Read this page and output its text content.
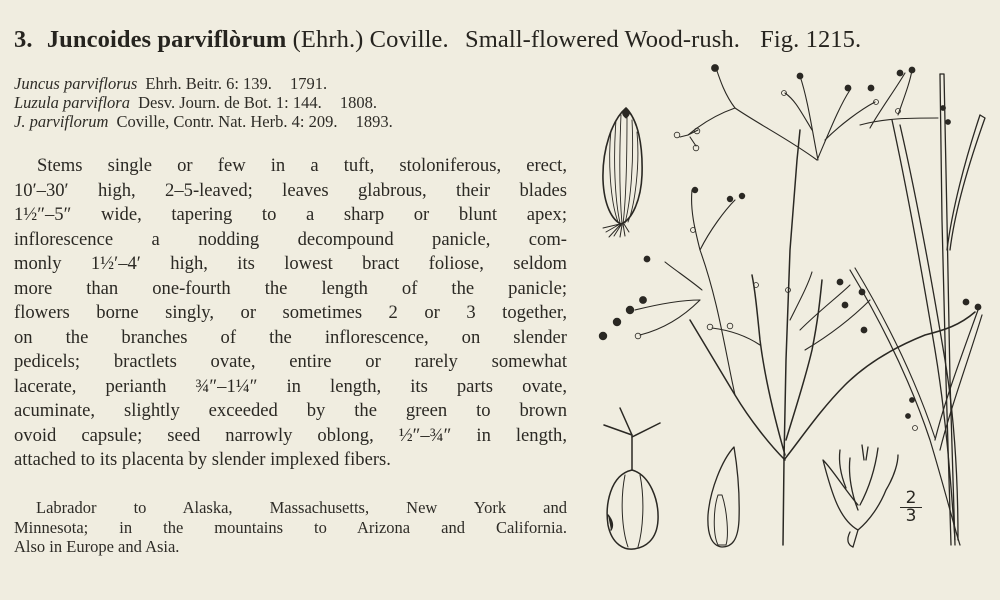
3. Juncoides parviflòrum (Ehrh.) Coville. Small-flowered Wood-rush. Fig. 1215.
Juncus parviflorus Ehrh. Beitr. 6: 139. 1791.
Luzula parviflora Desv. Journ. de Bot. 1: 144. 1808.
J. parviflorum Coville, Contr. Nat. Herb. 4: 209. 1893.
Stems single or few in a tuft, stoloniferous, erect,
10′–30′ high, 2–5-leaved; leaves glabrous, their blades
1½″–5″ wide, tapering to a sharp or blunt apex;
inflorescence a nodding decompound panicle, com-
monly 1½′–4′ high, its lowest bract foliose, seldom
more than one-fourth the length of the panicle;
flowers borne singly, or sometimes 2 or 3 together,
on the branches of the inflorescence, on slender
pedicels; bractlets ovate, entire or rarely somewhat
lacerate, perianth ¾″–1¼″ in length, its parts ovate,
acuminate, slightly exceeded by the green to brown
ovoid capsule; seed narrowly oblong, ½″–¾″ in length,
attached to its placenta by slender implexed fibers.
Labrador to Alaska, Massachusetts, New York and
Minnesota; in the mountains to Arizona and California.
Also in Europe and Asia.
2
3
